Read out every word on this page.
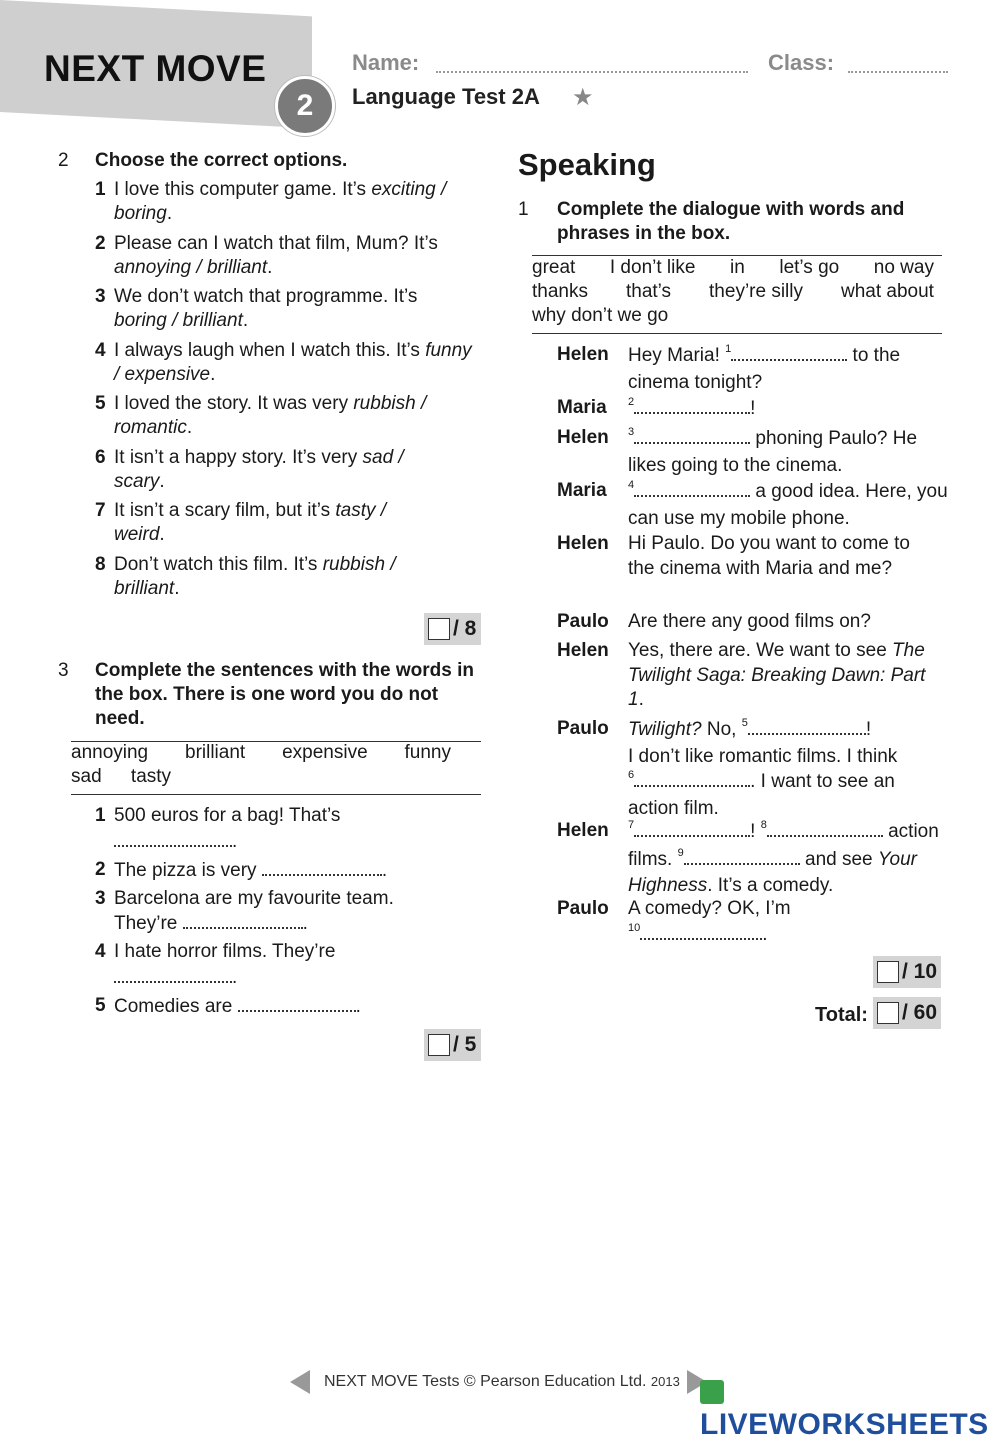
NEXT MOVE
2
Name:	Class:
Language Test 2A ★
2 Choose the correct options.
1 I love this computer game. It’s exciting / boring.
2 Please can I watch that film, Mum? It’s annoying / brilliant.
3 We don’t watch that programme. It’s boring / brilliant.
4 I always laugh when I watch this. It’s funny / expensive.
5 I loved the story. It was very rubbish / romantic.
6 It isn’t a happy story. It’s very sad / scary.
7 It isn’t a scary film, but it’s tasty / weird.
8 Don’t watch this film. It’s rubbish / brilliant.
/ 8
3 Complete the sentences with the words in the box. There is one word you do not need.
annoying brilliant expensive funny
sad tasty
1 500 euros for a bag! That’s
.
2 The pizza is very	.
3 Barcelona are my favourite team. They’re	.
4 I hate horror films. They’re
.
5 Comedies are	.
/ 5
Speaking
1 Complete the dialogue with words and phrases in the box.
great I don’t like in let’s go no way
thanks that’s they’re silly what about
why don’t we go
Helen Hey Maria! $^1$	to the cinema tonight?
Maria $^2$	!
Helen $^3$	phoning Paulo? He likes going to the cinema.
Maria $^4$	a good idea. Here, you can use my mobile phone.
Helen Hi Paulo. Do you want to come to the cinema with Maria and me?
Paulo Are there any good films on?
Helen Yes, there are. We want to see The Twilight Saga: Breaking Dawn: Part 1.
Paulo Twilight? No, $^5$	!
I don’t like romantic films. I think
$^6$	. I want to see an action film.
Helen $^7$	! $^8$	action films. $^9$	and see Your Highness. It’s a comedy.
Paulo A comedy? OK, I’m
$^{10}$	.
/ 10
Total: / 60
NEXT MOVE Tests © Pearson Education Ltd. 2013
LIVEWORKSHEETS
